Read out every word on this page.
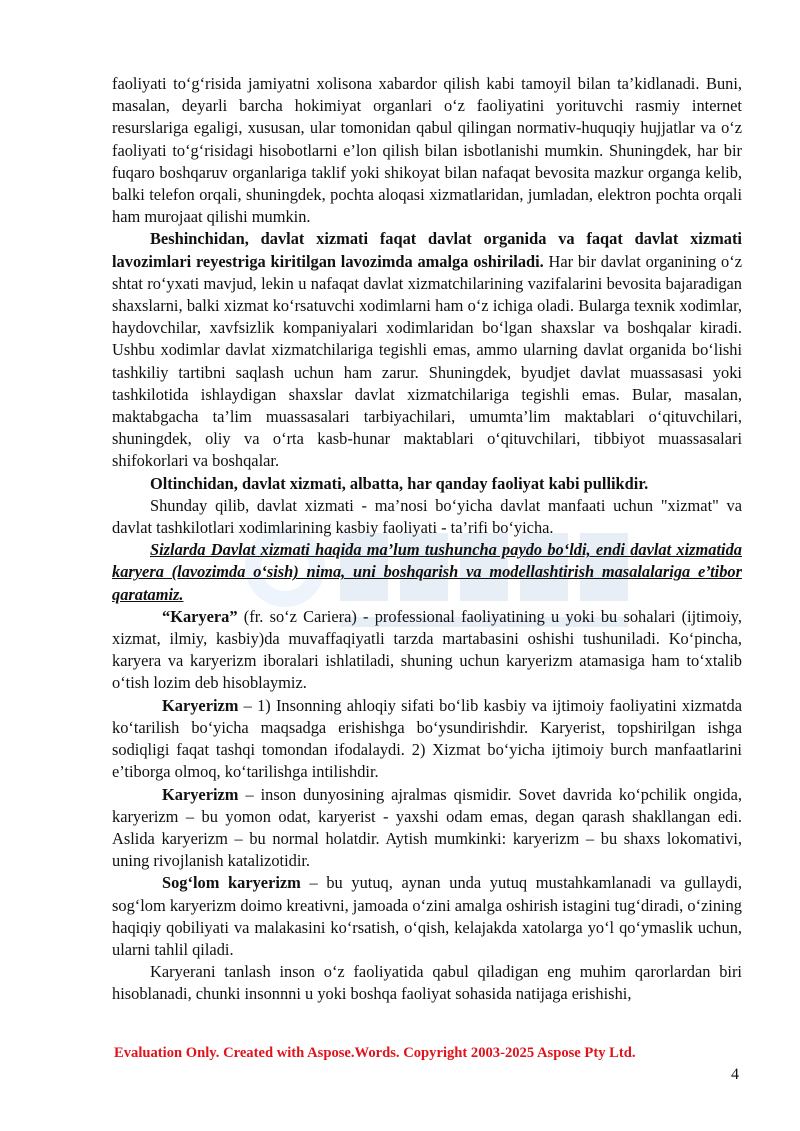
faoliyati to‘g‘risida jamiyatni xolisona xabardor qilish kabi tamoyil bilan ta’kidlanadi. Buni, masalan, deyarli barcha hokimiyat organlari o‘z faoliyatini yorituvchi rasmiy internet resurslariga egaligi, xususan, ular tomonidan qabul qilingan normativ-huquqiy hujjatlar va o‘z faoliyati to‘g‘risidagi hisobotlarni e’lon qilish bilan isbotlanishi mumkin. Shuningdek, har bir fuqaro boshqaruv organlariga taklif yoki shikoyat bilan nafaqat bevosita mazkur organga kelib, balki telefon orqali, shuningdek, pochta aloqasi xizmatlaridan, jumladan, elektron pochta orqali ham murojaat qilishi mumkin.

Beshinchidan, davlat xizmati faqat davlat organida va faqat davlat xizmati lavozimlari reyestriga kiritilgan lavozimda amalga oshiriladi. Har bir davlat organining o‘z shtat ro‘yxati mavjud, lekin u nafaqat davlat xizmatchilarining vazifalarini bevosita bajaradigan shaxslarni, balki xizmat ko‘rsatuvchi xodimlarni ham o‘z ichiga oladi. Bularga texnik xodimlar, haydovchilar, xavfsizlik kompaniyalari xodimlaridan bo‘lgan shaxslar va boshqalar kiradi. Ushbu xodimlar davlat xizmatchilariga tegishli emas, ammo ularning davlat organida bo‘lishi tashkiliy tartibni saqlash uchun ham zarur. Shuningdek, byudjet davlat muassasasi yoki tashkilotida ishlaydigan shaxslar davlat xizmatchilariga tegishli emas. Bular, masalan, maktabgacha ta’lim muassasalari tarbiyachilari, umumta’lim maktablari o‘qituvchilari, shuningdek, oliy va o‘rta kasb-hunar maktablari o‘qituvchilari, tibbiyot muassasalari shifokorlari va boshqalar.

Oltinchidan, davlat xizmati, albatta, har qanday faoliyat kabi pullikdir.

Shunday qilib, davlat xizmati - ma’nosi bo‘yicha davlat manfaati uchun "xizmat" va davlat tashkilotlari xodimlarining kasbiy faoliyati - ta’rifi bo‘yicha.

Sizlarda Davlat xizmati haqida ma’lum tushuncha paydo bo‘ldi, endi davlat xizmatida karyera (lavozimda o‘sish) nima, uni boshqarish va modellashtirish masalalariga e’tibor qaratamiz.

“Karyera” (fr. so‘z Cariera) - professional faoliyatining u yoki bu sohalari (ijtimoiy, xizmat, ilmiy, kasbiy)da muvaffaqiyatli tarzda martabasini oshishi tushuniladi. Ko‘pincha, karyera va karyerizm iboralari ishlatiladi, shuning uchun karyerizm atamasiga ham to‘xtalib o‘tish lozim deb hisoblaymiz.

Karyerizm – 1) Insonning ahloqiy sifati bo‘lib kasbiy va ijtimoiy faoliyatini xizmatda ko‘tarilish bo‘yicha maqsadga erishishga bo‘ysundirishdir. Karyerist, topshirilgan ishga sodiqligi faqat tashqi tomondan ifodalaydi. 2) Xizmat bo‘yicha ijtimoiy burch manfaatlarini e’tiborga olmoq, ko‘tarilishga intilishdir.

Karyerizm – inson dunyosining ajralmas qismidir. Sovet davrida ko‘pchilik ongida, karyerizm – bu yomon odat, karyerist - yaxshi odam emas, degan qarash shakllangan edi. Aslida karyerizm – bu normal holatdir. Aytish mumkinki: karyerizm – bu shaxs lokomativi, uning rivojlanish katalizotidir.

Sog‘lom karyerizm – bu yutuq, aynan unda yutuq mustahkamlanadi va gullaydi, sog‘lom karyerizm doimo kreativni, jamoada o‘zini amalga oshirish istagini tug‘diradi, o‘zining haqiqiy qobiliyati va malakasini ko‘rsatish, o‘qish, kelajakda xatolarga yo‘l qo‘ymaslik uchun, ularni tahlil qiladi.

Karyerani tanlash inson o‘z faoliyatida qabul qiladigan eng muhim qarorlardan biri hisoblanadi, chunki insonnni u yoki boshqa faoliyat sohasida natijaga erishishi,

Evaluation Only. Created with Aspose.Words. Copyright 2003-2025 Aspose Pty Ltd.
4
